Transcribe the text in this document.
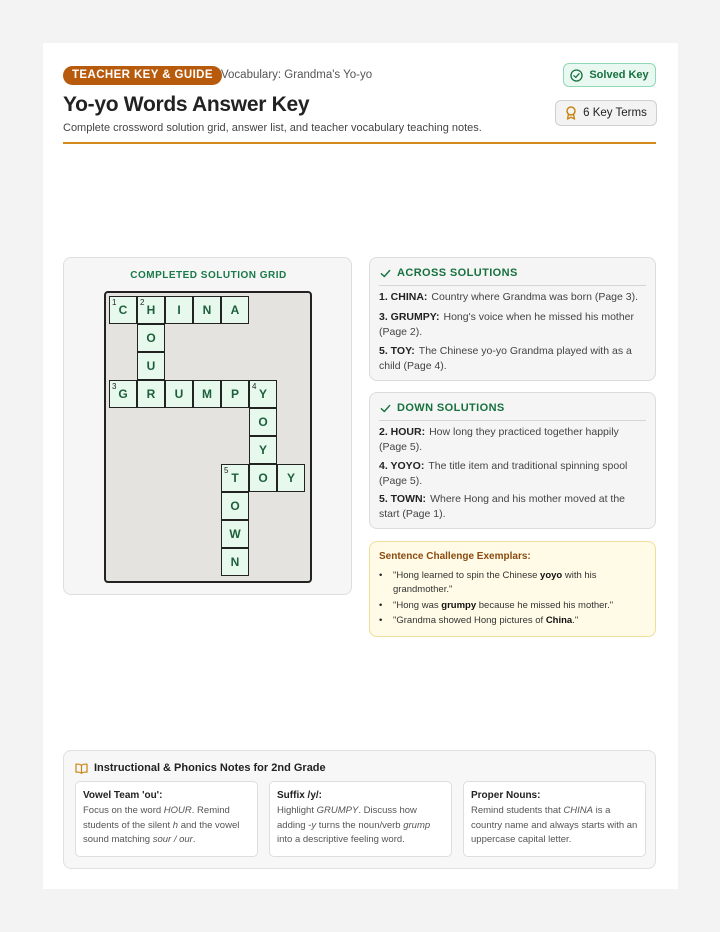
TEACHER KEY & GUIDE Vocabulary: Grandma's Yo-yo	Solved Key
6 Key Terms
Yo-yo Words Answer Key
Complete crossword solution grid, answer list, and teacher vocabulary teaching notes.
COMPLETED SOLUTION GRID
1
C
2
H I N A
O
U
3
G R U M P
4
Y
O
Y
5
T O Y
O
W
N
ACROSS SOLUTIONS
1. CHINA: Country where Grandma was born (Page 3).
3. GRUMPY: Hong's voice when he missed his mother (Page 2).
5. TOY: The Chinese yo-yo Grandma played with as a child (Page 4).
DOWN SOLUTIONS
2. HOUR: How long they practiced together happily (Page 5).
4. YOYO: The title item and traditional spinning spool (Page 5).
5. TOWN: Where Hong and his mother moved at the start (Page 1).
Sentence Challenge Exemplars:
• "Hong learned to spin the Chinese yoyo with his grandmother."
• "Hong was grumpy because he missed his mother."
• "Grandma showed Hong pictures of China."
Instructional & Phonics Notes for 2nd Grade
Vowel Team 'ou':
Focus on the word HOUR. Remind students of the silent h and the vowel sound matching sour / our.
Suffix /y/:
Highlight GRUMPY. Discuss how adding -y turns the noun/verb grump into a descriptive feeling word.
Proper Nouns:
Remind students that CHINA is a country name and always starts with an uppercase capital letter.
